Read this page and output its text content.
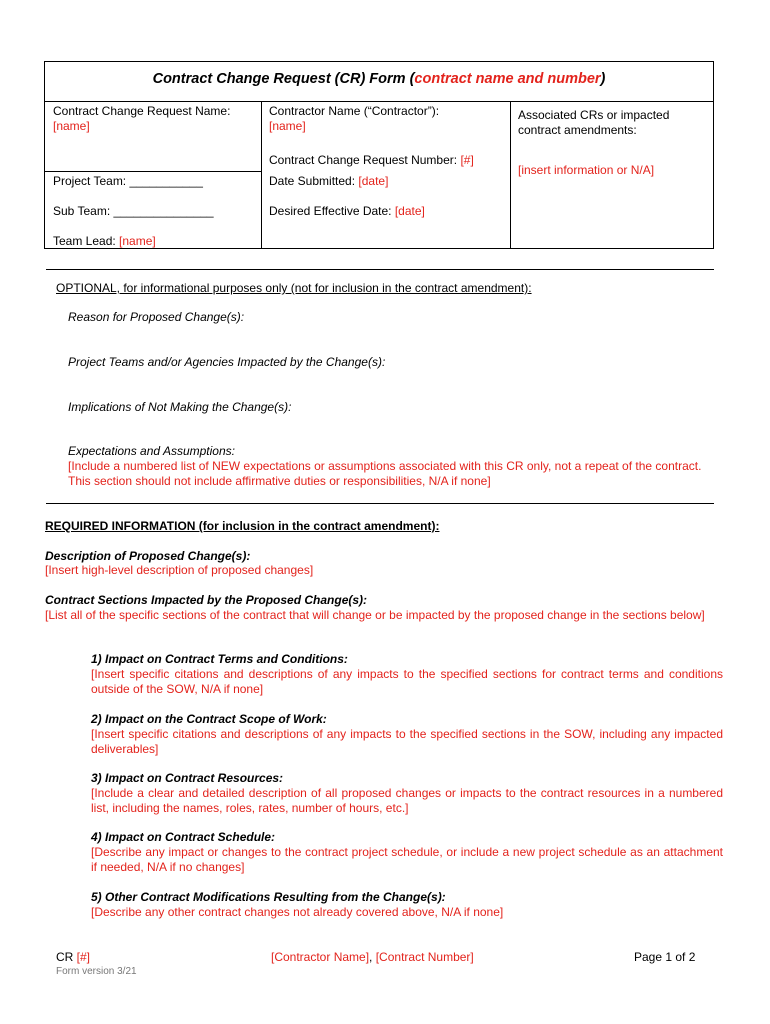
Contract Change Request (CR) Form (contract name and number)
Contract Change Request Name:
[name]
Project Team: ___________
Sub Team: _______________
Team Lead: [name]
Contractor Name (“Contractor”):
[name]
Contract Change Request Number: [#]
Date Submitted: [date]
Desired Effective Date: [date]
Associated CRs or impacted contract amendments:
[insert information or N/A]
OPTIONAL, for informational purposes only (not for inclusion in the contract amendment):
Reason for Proposed Change(s):
Project Teams and/or Agencies Impacted by the Change(s):
Implications of Not Making the Change(s):
Expectations and Assumptions:
[Include a numbered list of NEW expectations or assumptions associated with this CR only, not a repeat of the contract. This section should not include affirmative duties or responsibilities, N/A if none]
REQUIRED INFORMATION (for inclusion in the contract amendment):
Description of Proposed Change(s):
[Insert high-level description of proposed changes]
Contract Sections Impacted by the Proposed Change(s):
[List all of the specific sections of the contract that will change or be impacted by the proposed change in the sections below]
1) Impact on Contract Terms and Conditions:
[Insert specific citations and descriptions of any impacts to the specified sections for contract terms and conditions outside of the SOW, N/A if none]
2) Impact on the Contract Scope of Work:
[Insert specific citations and descriptions of any impacts to the specified sections in the SOW, including any impacted deliverables]
3) Impact on Contract Resources:
[Include a clear and detailed description of all proposed changes or impacts to the contract resources in a numbered list, including the names, roles, rates, number of hours, etc.]
4) Impact on Contract Schedule:
[Describe any impact or changes to the contract project schedule, or include a new project schedule as an attachment if needed, N/A if no changes]
5) Other Contract Modifications Resulting from the Change(s):
[Describe any other contract changes not already covered above, N/A if none]
CR [#]	[Contractor Name], [Contract Number]	Page 1 of 2
Form version 3/21
